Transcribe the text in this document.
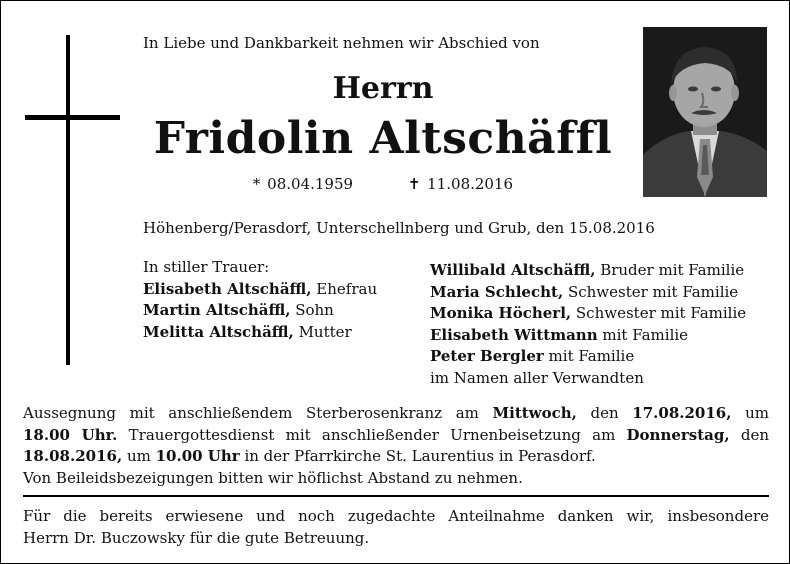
In Liebe und Dankbarkeit nehmen wir Abschied von
Herrn
Fridolin Altschäffl
* 08.04.1959	✝ 11.08.2016
Höhenberg/Perasdorf, Unterschellnberg und Grub, den 15.08.2016
In stiller Trauer:
Elisabeth Altschäffl, Ehefrau
Martin Altschäffl, Sohn
Melitta Altschäffl, Mutter
Willibald Altschäffl, Bruder mit Familie
Maria Schlecht, Schwester mit Familie
Monika Höcherl, Schwester mit Familie
Elisabeth Wittmann mit Familie
Peter Bergler mit Familie
im Namen aller Verwandten
Aussegnung mit anschließendem Sterberosenkranz am Mittwoch, den 17.08.2016, um
18.00 Uhr. Trauergottesdienst mit anschließender Urnenbeisetzung am Donnerstag, den
18.08.2016, um 10.00 Uhr in der Pfarrkirche St. Laurentius in Perasdorf.
Von Beileidsbezeigungen bitten wir höflichst Abstand zu nehmen.
Für die bereits erwiesene und noch zugedachte Anteilnahme danken wir, insbesondere
Herrn Dr. Buczowsky für die gute Betreuung.
